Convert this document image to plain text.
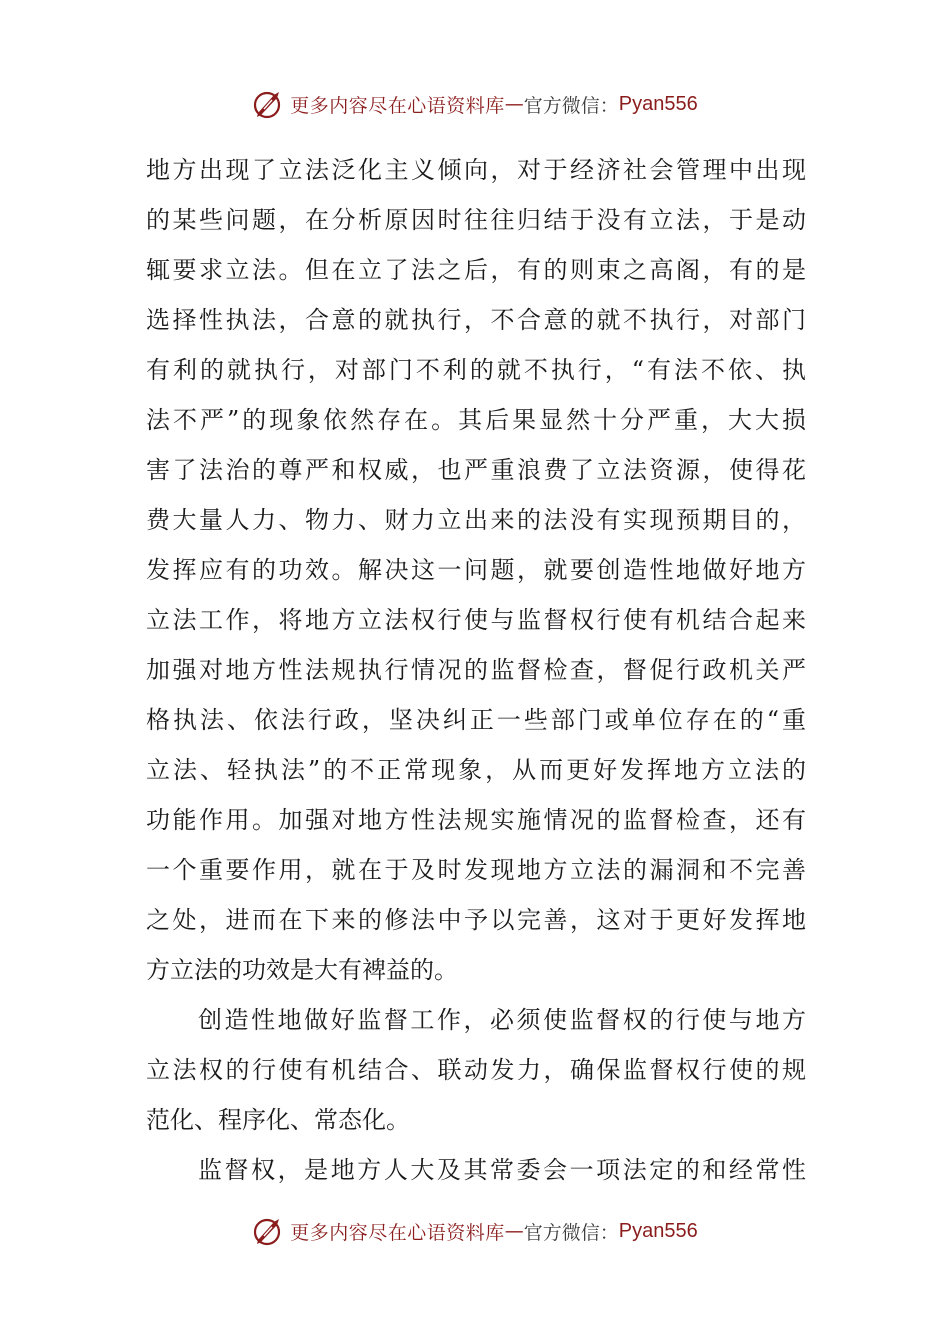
更多内容尽在心语资料库 — 官方微信： Pyan556
地方出现了立法泛化主义倾向，对于经济社会管理中出现
的某些问题，在分析原因时往往归结于没有立法，于是动
辄要求立法。但在立了法之后，有的则束之高阁，有的是
选择性执法，合意的就执行，不合意的就不执行，对部门
有利的就执行，对部门不利的就不执行，“有法不依、执
法不严”的现象依然存在。其后果显然十分严重，大大损
害了法治的尊严和权威，也严重浪费了立法资源，使得花
费大量人力、物力、财力立出来的法没有实现预期目的，
发挥应有的功效。解决这一问题，就要创造性地做好地方
立法工作，将地方立法权行使与监督权行使有机结合起来
加强对地方性法规执行情况的监督检查，督促行政机关严
格执法、依法行政，坚决纠正一些部门或单位存在的“重
立法、轻执法”的不正常现象，从而更好发挥地方立法的
功能作用。加强对地方性法规实施情况的监督检查，还有
一个重要作用，就在于及时发现地方立法的漏洞和不完善
之处，进而在下来的修法中予以完善，这对于更好发挥地
方立法的功效是大有裨益的。
创造性地做好监督工作，必须使监督权的行使与地方
立法权的行使有机结合、联动发力，确保监督权行使的规
范化、程序化、常态化。
监督权，是地方人大及其常委会一项法定的和经常性
更多内容尽在心语资料库 — 官方微信： Pyan556
